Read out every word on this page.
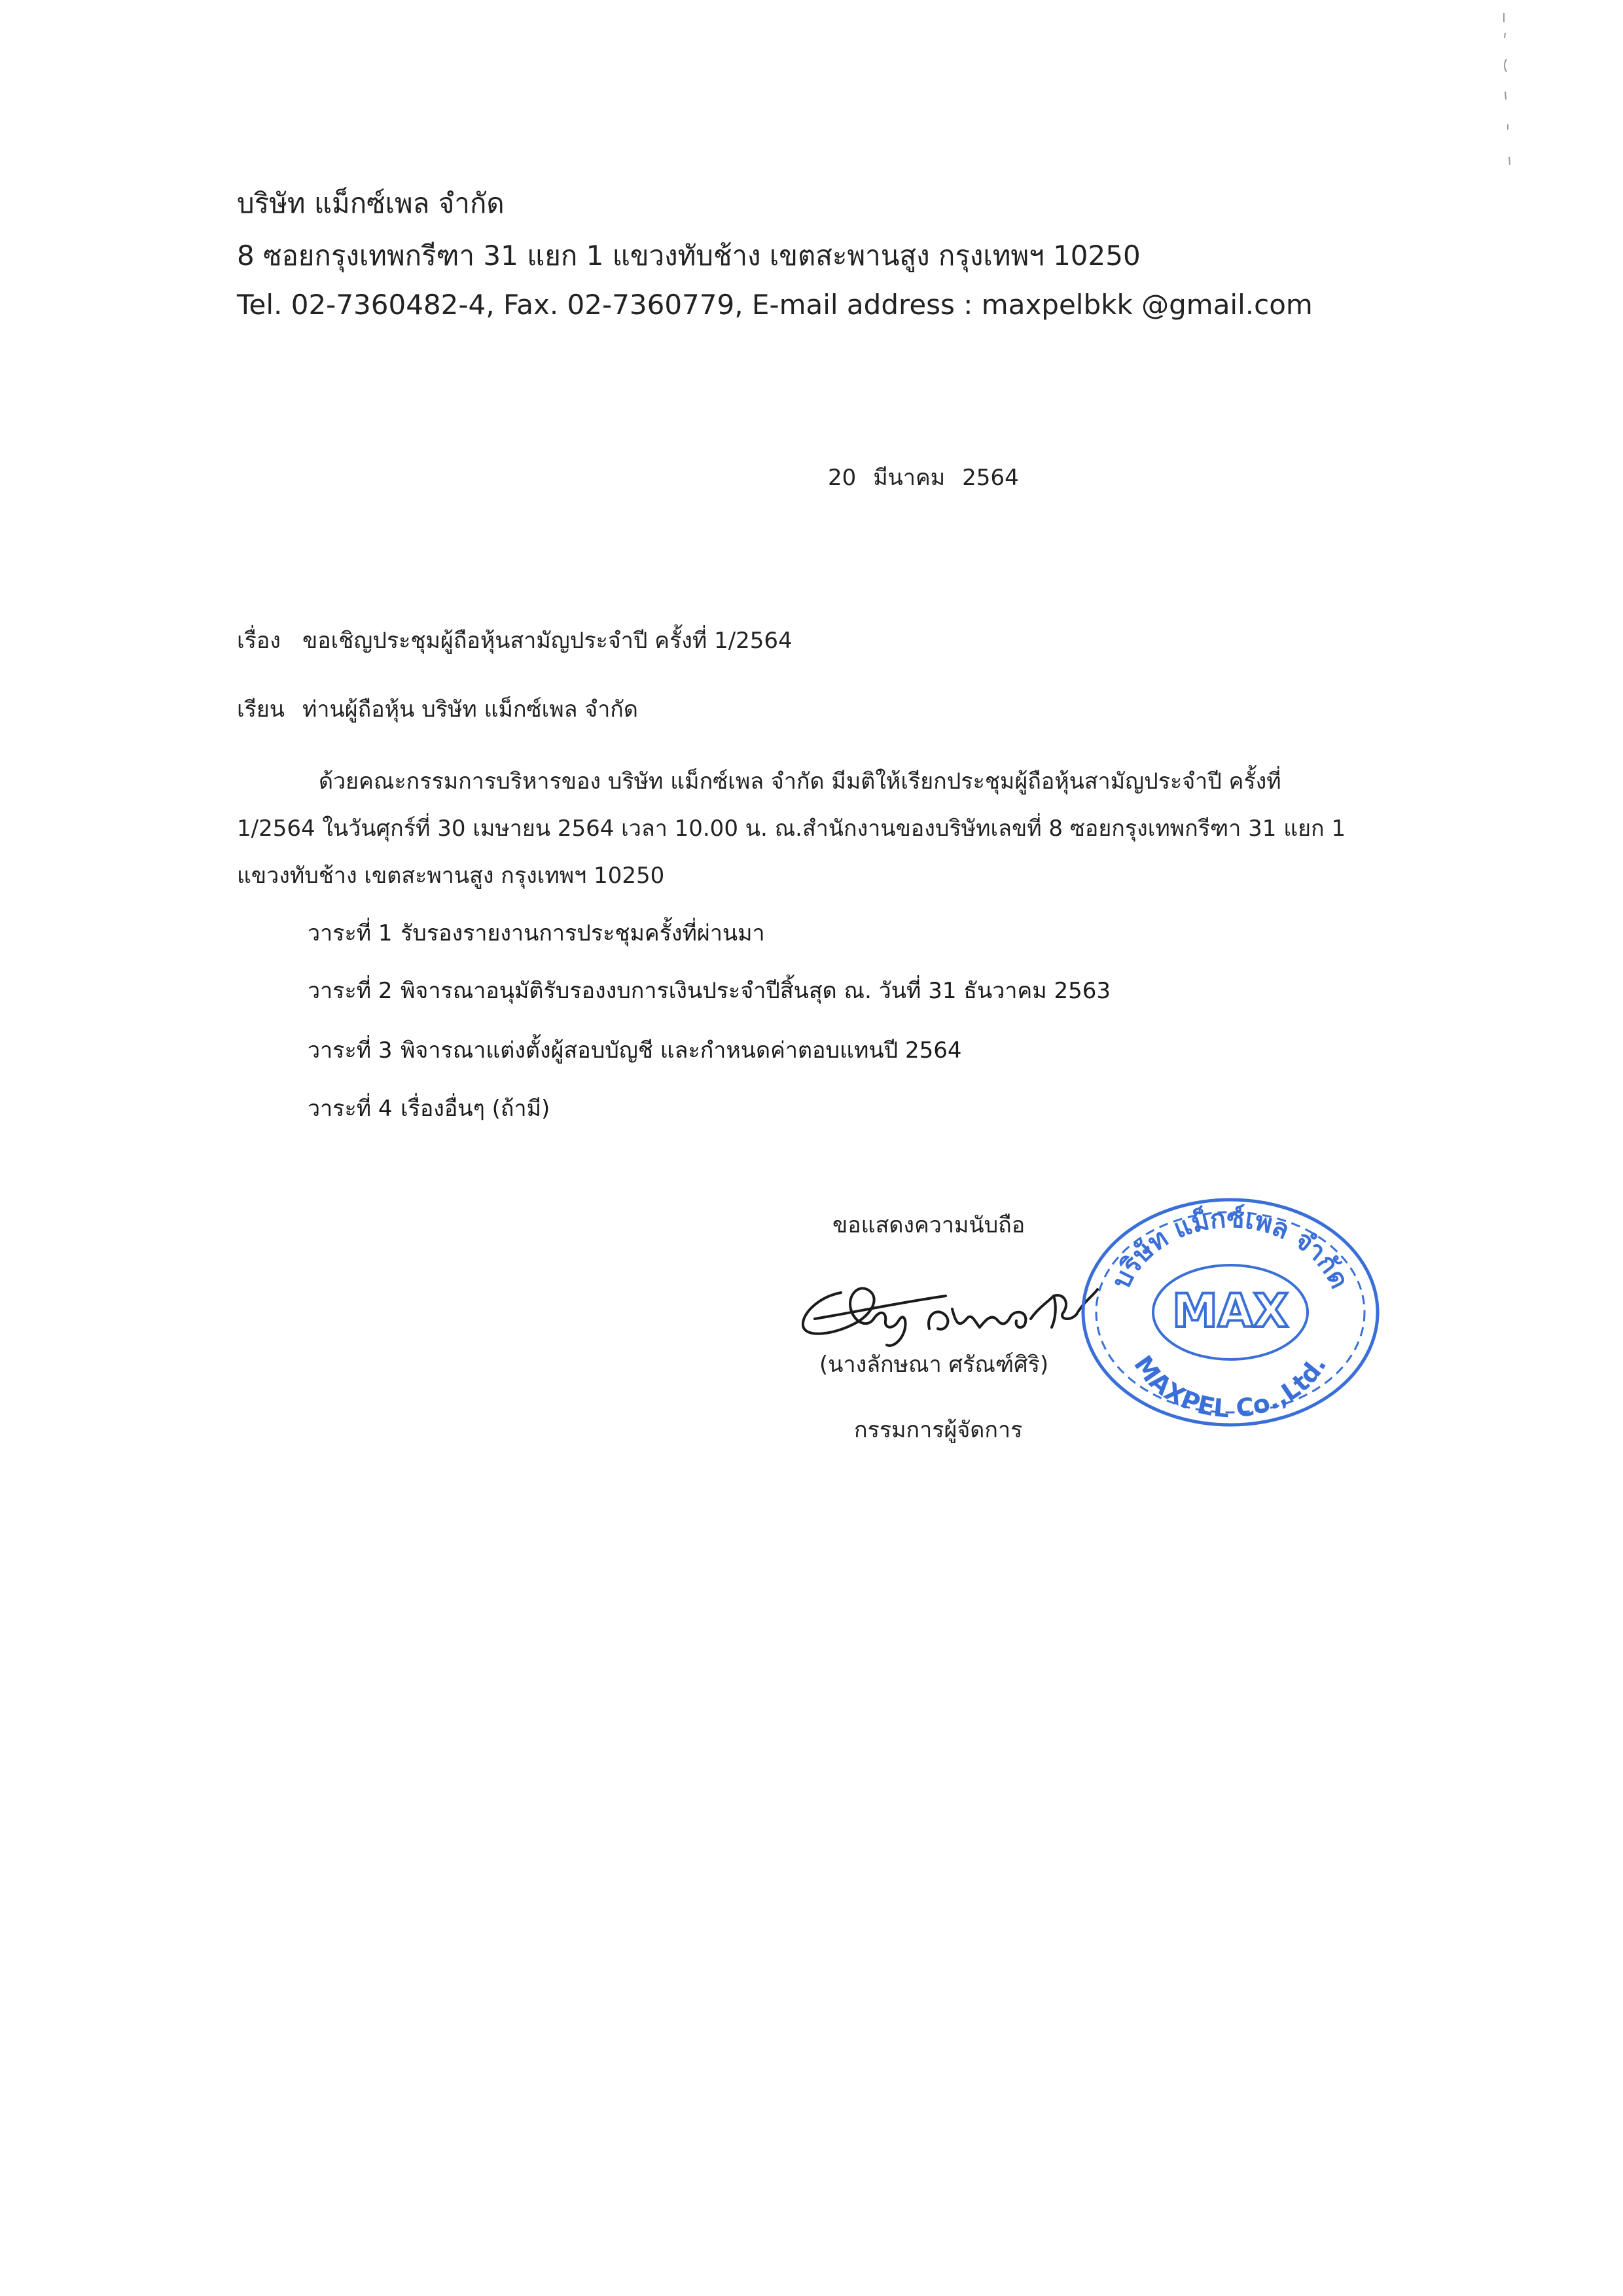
บริษัท แม็กซ์เพล จำกัด
8 ซอยกรุงเทพกรีฑา 31 แยก 1 แขวงทับช้าง เขตสะพานสูง กรุงเทพฯ 10250
Tel. 02-7360482-4, Fax. 02-7360779, E-mail address : maxpelbkk @gmail.com
20 มีนาคม 2564
เรื่อง ขอเชิญประชุมผู้ถือหุ้นสามัญประจำปี ครั้งที่ 1/2564
เรียน ท่านผู้ถือหุ้น บริษัท แม็กซ์เพล จำกัด
ด้วยคณะกรรมการบริหารของ บริษัท แม็กซ์เพล จำกัด มีมติให้เรียกประชุมผู้ถือหุ้นสามัญประจำปี ครั้งที่
1/2564 ในวันศุกร์ที่ 30 เมษายน 2564 เวลา 10.00 น. ณ.สำนักงานของบริษัทเลขที่ 8 ซอยกรุงเทพกรีฑา 31 แยก 1
แขวงทับช้าง เขตสะพานสูง กรุงเทพฯ 10250
วาระที่ 1 รับรองรายงานการประชุมครั้งที่ผ่านมา
วาระที่ 2 พิจารณาอนุมัติรับรองงบการเงินประจำปีสิ้นสุด ณ. วันที่ 31 ธันวาคม 2563
วาระที่ 3 พิจารณาแต่งตั้งผู้สอบบัญชี และกำหนดค่าตอบแทนปี 2564
วาระที่ 4 เรื่องอื่นๆ (ถ้ามี)
ขอแสดงความนับถือ
(นางลักษณา ศรัณฑ์ศิริ)
กรรมการผู้จัดการ
บริษัท แม็กซ์เพล จำกัด
MAX
MAXPEL Co.,Ltd.
